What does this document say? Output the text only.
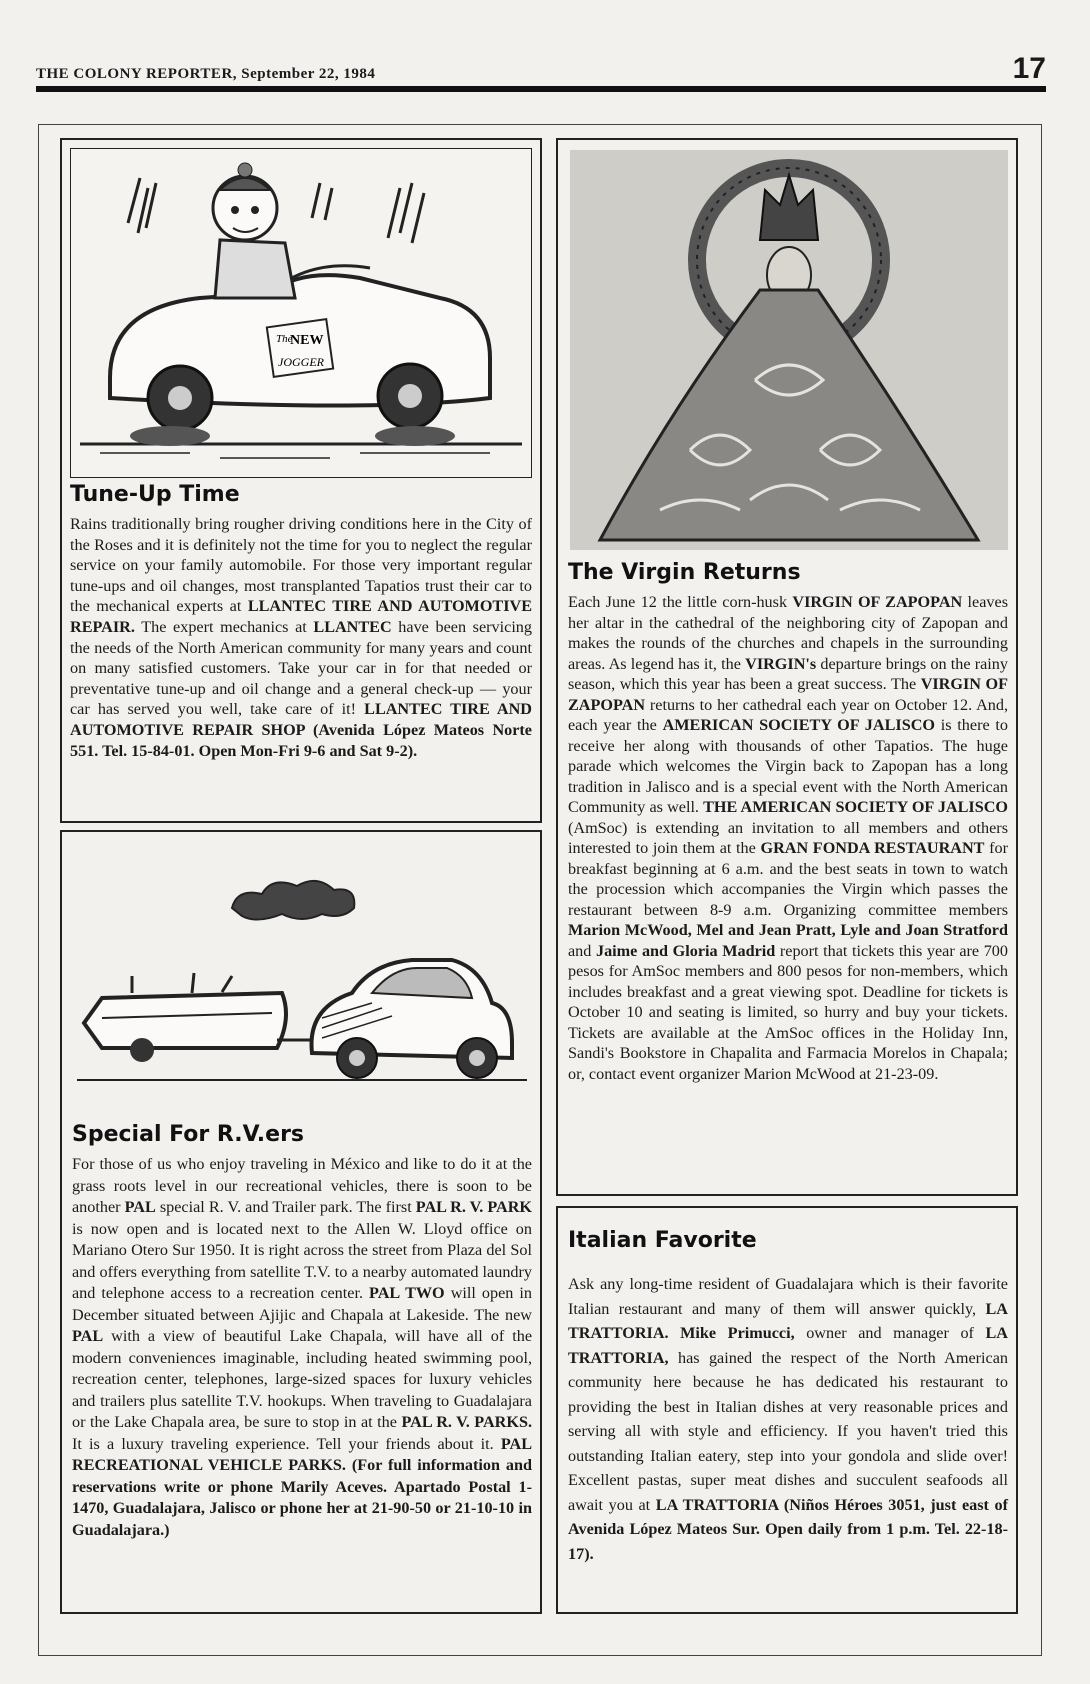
THE COLONY REPORTER, September 22, 1984	17
The
NEW
JOGGER
Tune-Up Time
Rains traditionally bring rougher driving conditions here in the City of the Roses and it is definitely not the time for you to neglect the regular service on your family automobile. For those very important regular tune-ups and oil changes, most transplanted Tapatios trust their car to the mechanical experts at LLANTEC TIRE AND AUTOMOTIVE REPAIR. The expert mechanics at LLANTEC have been servicing the needs of the North American community for many years and count on many satisfied customers. Take your car in for that needed or preventative tune-up and oil change and a general check-up — your car has served you well, take care of it! LLANTEC TIRE AND AUTOMOTIVE REPAIR SHOP (Avenida López Mateos Norte 551. Tel. 15-84-01. Open Mon-Fri 9-6 and Sat 9-2).
Special For R.V.ers
For those of us who enjoy traveling in México and like to do it at the grass roots level in our recreational vehicles, there is soon to be another PAL special R. V. and Trailer park. The first PAL R. V. PARK is now open and is located next to the Allen W. Lloyd office on Mariano Otero Sur 1950. It is right across the street from Plaza del Sol and offers everything from satellite T.V. to a nearby automated laundry and telephone access to a recreation center. PAL TWO will open in December situated between Ajijic and Chapala at Lakeside. The new PAL with a view of beautiful Lake Chapala, will have all of the modern conveniences imaginable, including heated swimming pool, recreation center, telephones, large-sized spaces for luxury vehicles and trailers plus satellite T.V. hookups. When traveling to Guadalajara or the Lake Chapala area, be sure to stop in at the PAL R. V. PARKS. It is a luxury traveling experience. Tell your friends about it. PAL RECREATIONAL VEHICLE PARKS. (For full information and reservations write or phone Marily Aceves. Apartado Postal 1-1470, Guadalajara, Jalisco or phone her at 21-90-50 or 21-10-10 in Guadalajara.)
The Virgin Returns
Each June 12 the little corn-husk VIRGIN OF ZAPOPAN leaves her altar in the cathedral of the neighboring city of Zapopan and makes the rounds of the churches and chapels in the surrounding areas. As legend has it, the VIRGIN's departure brings on the rainy season, which this year has been a great success. The VIRGIN OF ZAPOPAN returns to her cathedral each year on October 12. And, each year the AMERICAN SOCIETY OF JALISCO is there to receive her along with thousands of other Tapatios. The huge parade which welcomes the Virgin back to Zapopan has a long tradition in Jalisco and is a special event with the North American Community as well. THE AMERICAN SOCIETY OF JALISCO (AmSoc) is extending an invitation to all members and others interested to join them at the GRAN FONDA RESTAURANT for breakfast beginning at 6 a.m. and the best seats in town to watch the procession which accompanies the Virgin which passes the restaurant between 8-9 a.m. Organizing committee members Marion McWood, Mel and Jean Pratt, Lyle and Joan Stratford and Jaime and Gloria Madrid report that tickets this year are 700 pesos for AmSoc members and 800 pesos for non-members, which includes breakfast and a great viewing spot. Deadline for tickets is October 10 and seating is limited, so hurry and buy your tickets. Tickets are available at the AmSoc offices in the Holiday Inn, Sandi's Bookstore in Chapalita and Farmacia Morelos in Chapala; or, contact event organizer Marion McWood at 21-23-09.
Italian Favorite
Ask any long-time resident of Guadalajara which is their favorite Italian restaurant and many of them will answer quickly, LA TRATTORIA. Mike Primucci, owner and manager of LA TRATTORIA, has gained the respect of the North American community here because he has dedicated his restaurant to providing the best in Italian dishes at very reasonable prices and serving all with style and efficiency. If you haven't tried this outstanding Italian eatery, step into your gondola and slide over! Excellent pastas, super meat dishes and succulent seafoods all await you at LA TRATTORIA (Niños Héroes 3051, just east of Avenida López Mateos Sur. Open daily from 1 p.m. Tel. 22-18-17).
